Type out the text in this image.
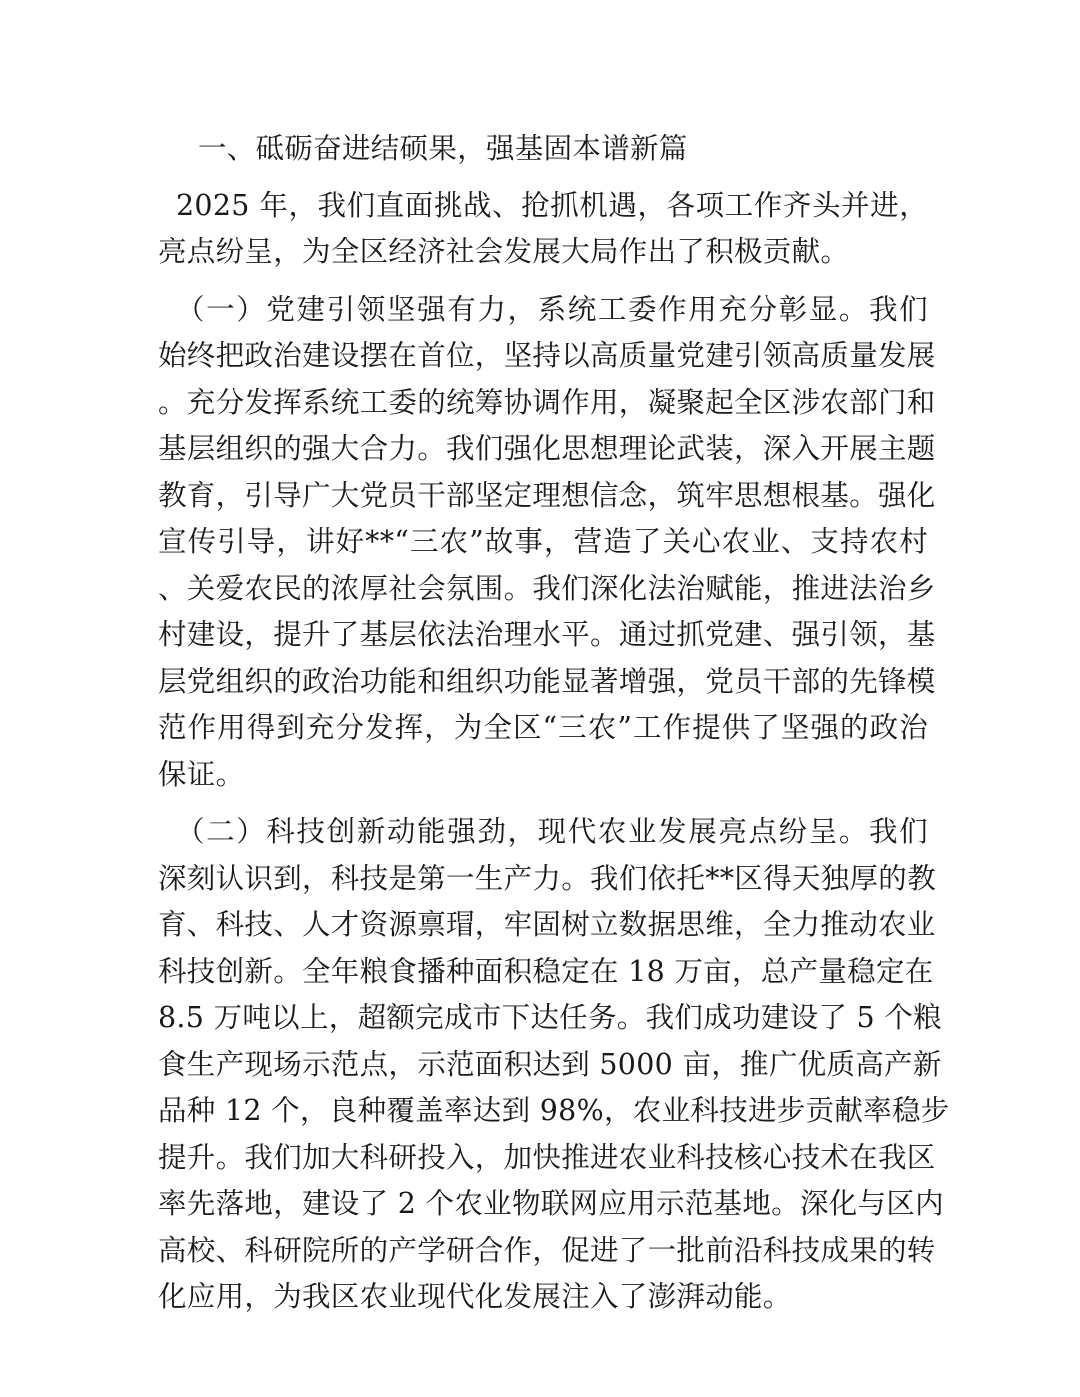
一、砥砺奋进结硕果，强基固本谱新篇
2025 年，我们直面挑战、抢抓机遇，各项工作齐头并进，
亮点纷呈，为全区经济社会发展大局作出了积极贡献。
（一）党建引领坚强有力，系统工委作用充分彰显。我们
始终把政治建设摆在首位，坚持以高质量党建引领高质量发展
。充分发挥系统工委的统筹协调作用，凝聚起全区涉农部门和
基层组织的强大合力。我们强化思想理论武装，深入开展主题
教育，引导广大党员干部坚定理想信念，筑牢思想根基。强化
宣传引导，讲好**“三农”故事，营造了关心农业、支持农村
、关爱农民的浓厚社会氛围。我们深化法治赋能，推进法治乡
村建设，提升了基层依法治理水平。通过抓党建、强引领，基
层党组织的政治功能和组织功能显著增强，党员干部的先锋模
范作用得到充分发挥，为全区“三农”工作提供了坚强的政治
保证。
（二）科技创新动能强劲，现代农业发展亮点纷呈。我们
深刻认识到，科技是第一生产力。我们依托**区得天独厚的教
育、科技、人才资源禀瑁，牢固树立数据思维，全力推动农业
科技创新。全年粮食播种面积稳定在 18 万亩，总产量稳定在
8.5 万吨以上，超额完成市下达任务。我们成功建设了 5 个粮
食生产现场示范点，示范面积达到 5000 亩，推广优质高产新
品种 12 个，良种覆盖率达到 98%，农业科技进步贡献率稳步
提升。我们加大科研投入，加快推进农业科技核心技术在我区
率先落地，建设了 2 个农业物联网应用示范基地。深化与区内
高校、科研院所的产学研合作，促进了一批前沿科技成果的转
化应用，为我区农业现代化发展注入了澎湃动能。
